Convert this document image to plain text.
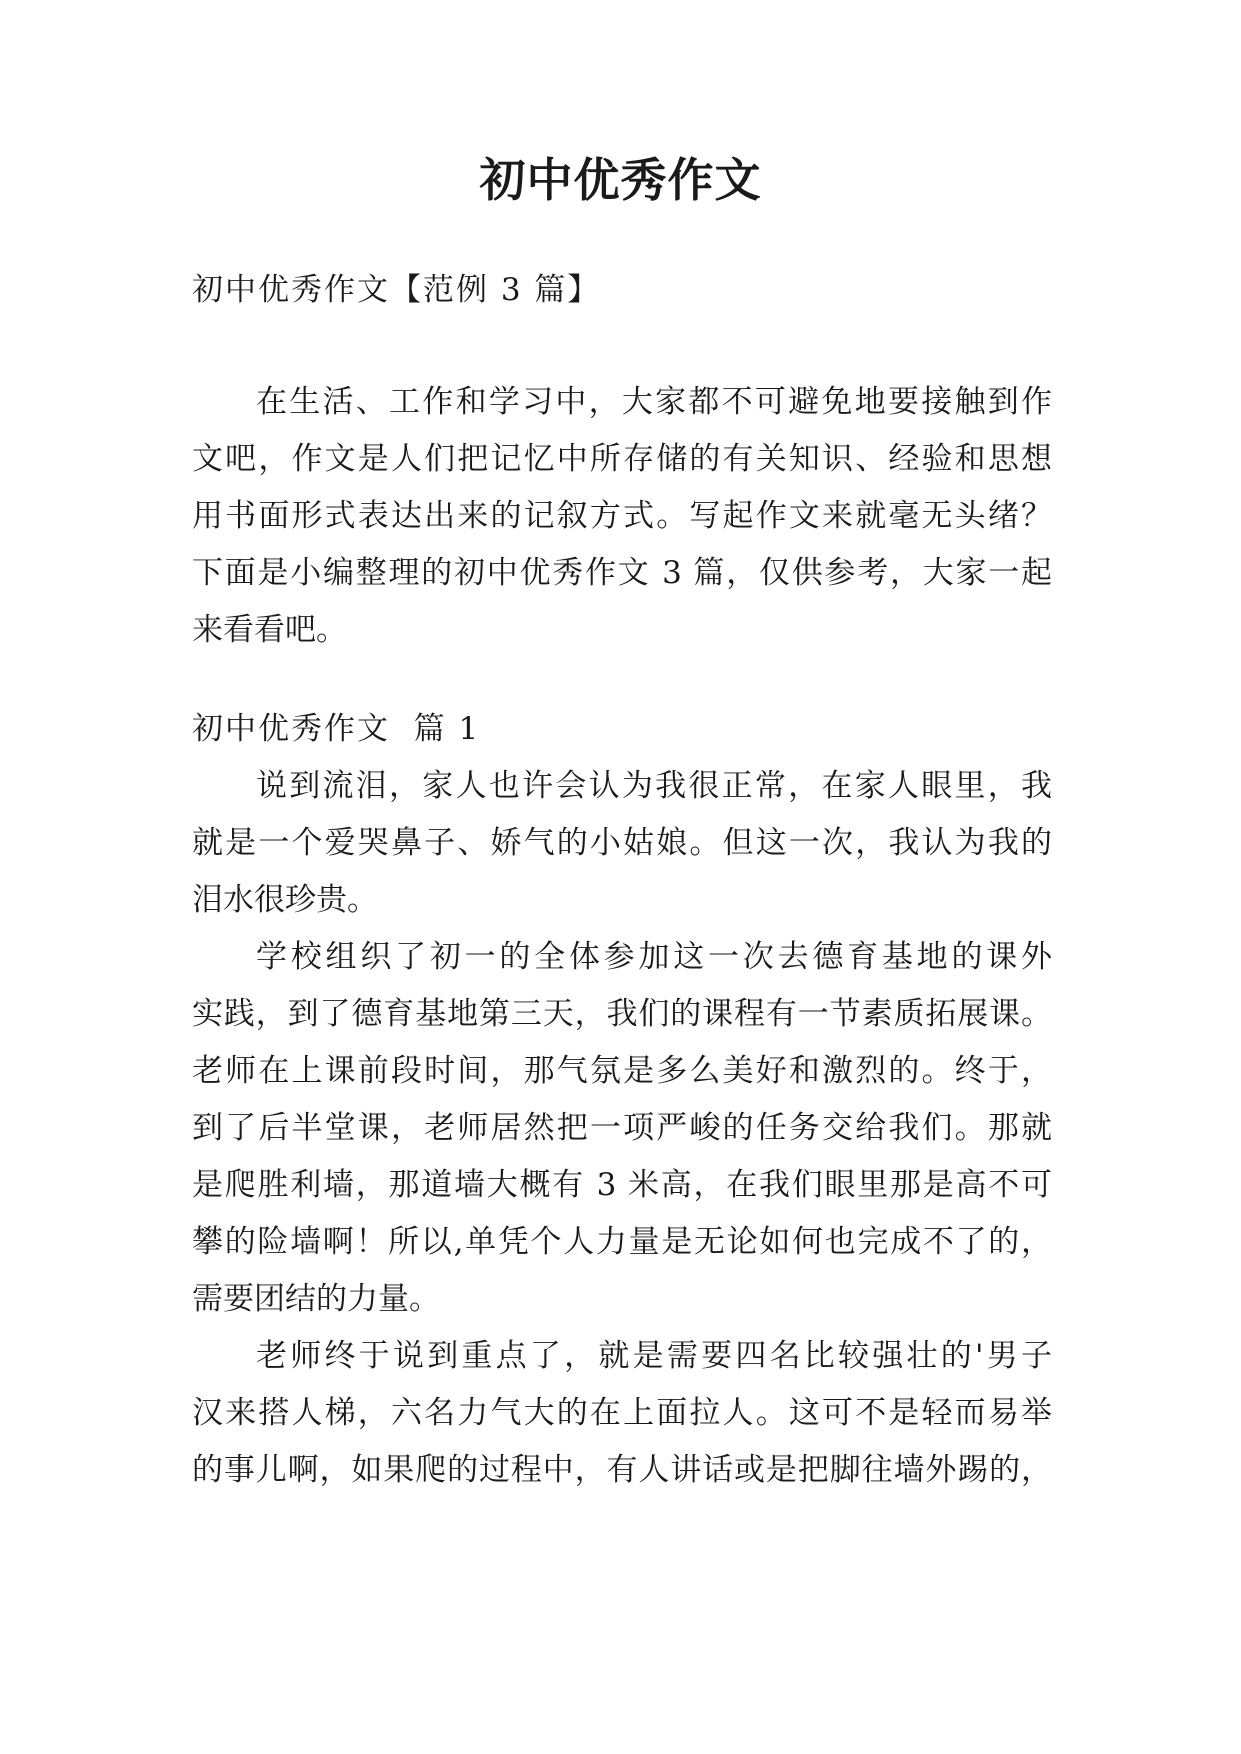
初中优秀作文
初中优秀作文【范例 3 篇】
在生活、工作和学习中，大家都不可避免地要接触到作
文吧，作文是人们把记忆中所存储的有关知识、经验和思想
用书面形式表达出来的记叙方式。写起作文来就毫无头绪？
下面是小编整理的初中优秀作文 3 篇，仅供参考，大家一起
来看看吧。
初中优秀作文  篇 1
说到流泪，家人也许会认为我很正常，在家人眼里，我
就是一个爱哭鼻子、娇气的小姑娘。但这一次，我认为我的
泪水很珍贵。
学校组织了初一的全体参加这一次去德育基地的课外
实践，到了德育基地第三天，我们的课程有一节素质拓展课。
老师在上课前段时间，那气氛是多么美好和激烈的。终于，
到了后半堂课，老师居然把一项严峻的任务交给我们。那就
是爬胜利墙，那道墙大概有 3 米高，在我们眼里那是高不可
攀的险墙啊！所以,单凭个人力量是无论如何也完成不了的，
需要团结的力量。
老师终于说到重点了，就是需要四名比较强壮的'男子
汉来搭人梯，六名力气大的在上面拉人。这可不是轻而易举
的事儿啊，如果爬的过程中，有人讲话或是把脚往墙外踢的，
